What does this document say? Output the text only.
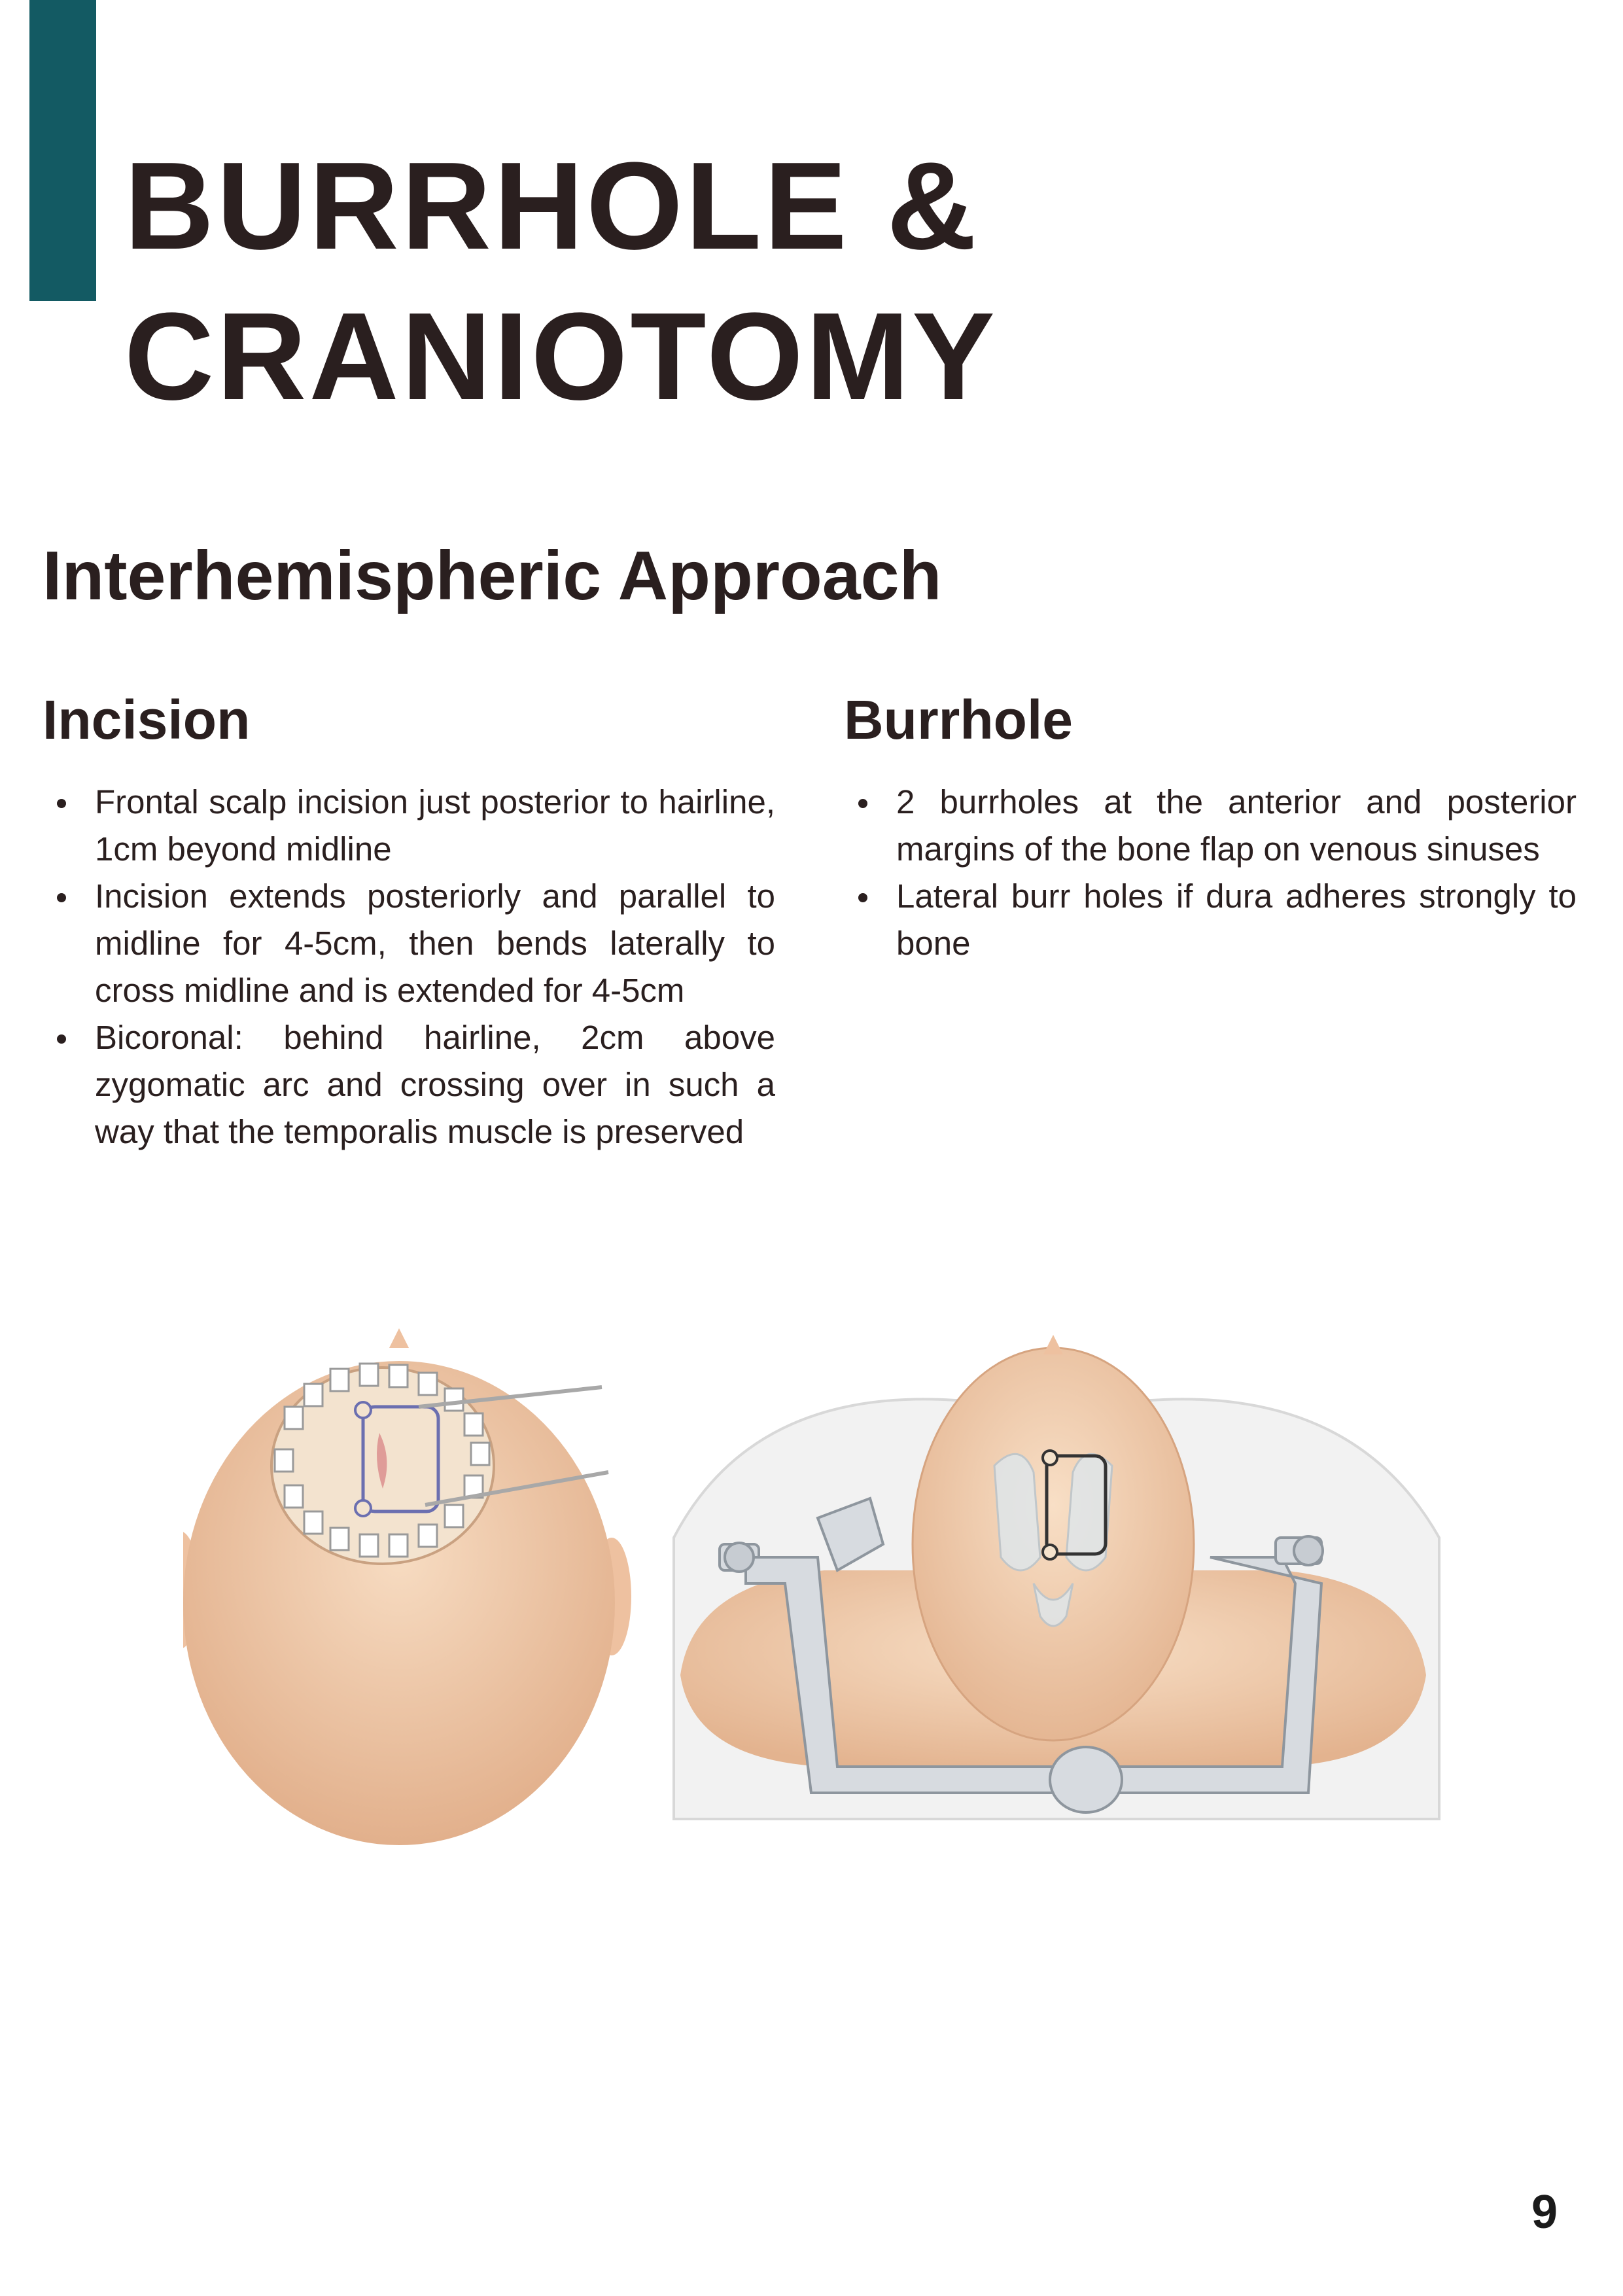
BURRHOLE &
CRANIOTOMY
Interhemispheric Approach
Incision
Frontal scalp incision just posterior to hairline, 1cm beyond midline
Incision extends posteriorly and parallel to midline for 4-5cm, then bends laterally to cross midline and is extended for 4-5cm
Bicoronal: behind hairline, 2cm above zygomatic arc and crossing over in such a way that the temporalis muscle is preserved
Burrhole
2 burrholes at the anterior and posterior margins of the bone flap on venous sinuses
Lateral burr holes if dura adheres strongly to bone
9
